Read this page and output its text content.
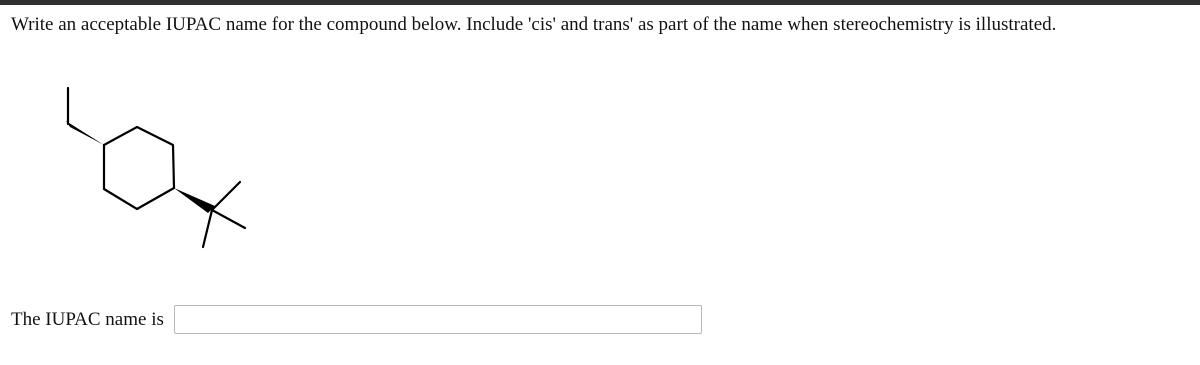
Write an acceptable IUPAC name for the compound below. Include 'cis' and trans' as part of the name when stereochemistry is illustrated.
The IUPAC name is
